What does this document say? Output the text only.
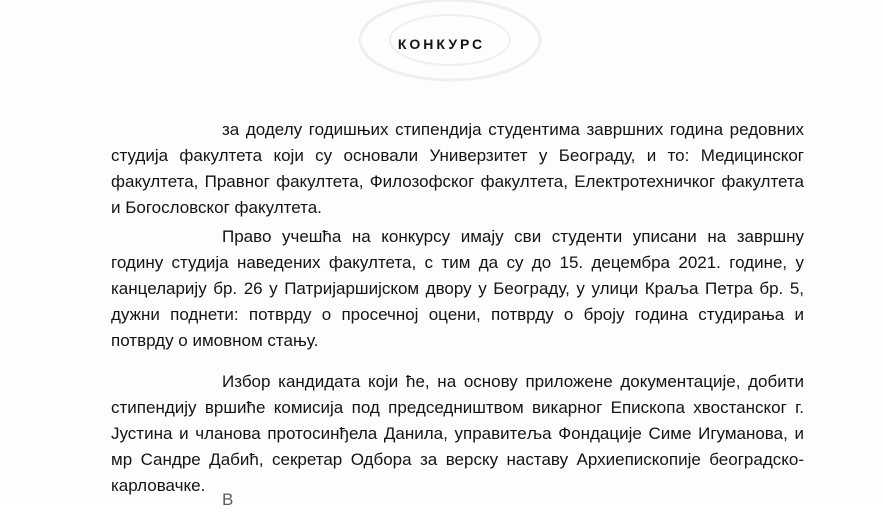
КОНКУРС
за доделу годишњих стипендија студентима завршних година редовних студија факултета који су основали Универзитет у Београду, и то: Медицинског факултета, Правног факултета, Филозофског факултета, Електротехничког факултета и Богословског факултета.
Право учешћа на конкурсу имају сви студенти уписани на завршну годину студија наведених факултета, с тим да су до 15. децембра 2021. године, у канцеларију бр. 26 у Патријаршијском двору у Београду, у улици Краља Петра бр. 5, дужни поднети: потврду о просечној оцени, потврду о броју година студирања и потврду о имовном стању.
Избор кандидата који ће, на основу приложене документације, добити стипендију вршиће комисија под председништвом викарног Епископа хвостанског г. Јустина и чланова протосинђела Данила, управитеља Фондације Симе Игуманова, и мр Сандре Дабић, секретар Одбора за верску наставу Архиепископије београдско-карловачке.
В
